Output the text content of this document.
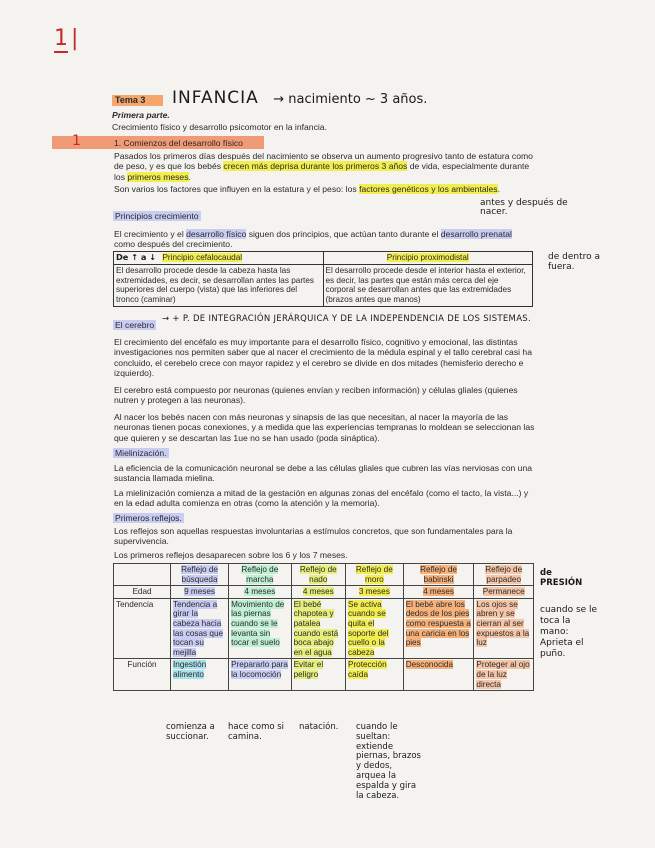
1 |
Tema 3	INFANCIA → nacimiento ~ 3 años.
Primera parte.
Crecimiento físico y desarrollo psicomotor en la infancia.
1	1. Comienzos del desarrollo físico
Pasados los primeros días después del nacimiento se observa un aumento progresivo tanto de estatura como de peso, y es que los bebés crecen más deprisa durante los primeros 3 años de vida, especialmente durante los primeros meses.
Son varios los factores que influyen en la estatura y el peso: los factores genéticos y los ambientales.
Principios crecimiento
antes y después de nacer.
El crecimiento y el desarrollo físico siguen dos principios, que actúan tanto durante el desarrollo prenatal como después del crecimiento.
De ↑ a ↓ Principio cefalocaudal	Principio proximodistal
El desarrollo procede desde la cabeza hasta las extremidades, es decir, se desarrollan antes las partes superiores del cuerpo (vista) que las inferiores del tronco (caminar)	El desarrollo procede desde el interior hasta el exterior, es decir, las partes que están más cerca del eje corporal se desarrollan antes que las extremidades (brazos antes que manos)
de dentro a fuera.
El cerebro
→ + P. DE INTEGRACIÓN JERÁRQUICA Y DE LA INDEPENDENCIA DE LOS SISTEMAS.
El crecimiento del encéfalo es muy importante para el desarrollo físico, cognitivo y emocional, las distintas investigaciones nos permiten saber que al nacer el crecimiento de la médula espinal y el tallo cerebral casi ha concluido, el cerebelo crece con mayor rapidez y el cerebro se divide en dos mitades (hemisferio derecho e izquierdo).
El cerebro está compuesto por neuronas (quienes envían y reciben información) y células gliales (quienes nutren y protegen a las neuronas).
Al nacer los bebés nacen con más neuronas y sinapsis de las que necesitan, al nacer la mayoría de las neuronas tienen pocas conexiones, y a medida que las experiencias tempranas lo moldean se seleccionan las que quieren y se descartan las 1ue no se han usado (poda sináptica).
Mielinización.
La eficiencia de la comunicación neuronal se debe a las células gliales que cubren las vías nerviosas con una sustancia llamada mielina.
La mielinización comienza a mitad de la gestación en algunas zonas del encéfalo (como el tacto, la vista...) y en la edad adulta comienza en otras (como la atención y la memoria).
Primeros reflejos.
Los reflejos son aquellas respuestas involuntarias a estímulos concretos, que son fundamentales para la supervivencia.
Los primeros reflejos desaparecen sobre los 6 y los 7 meses.
	Reflejo de búsqueda	Reflejo de marcha	Reflejo de nado	Reflejo de moro	Reflejo de babinski	Reflejo de parpadeo
Edad	9 meses	4 meses	4 meses	3 meses	4 meses	Permanece
Tendencia	Tendencia a girar la cabeza hacia las cosas que tocan su mejilla	Movimiento de las piernas cuando se le levanta sin tocar el suelo	El bebé chapotea y patalea cuando está boca abajo en el agua	Se activa cuando se quita el soporte del cuello o la cabeza	El bebé abre los dedos de los pies como respuesta a una caricia en los pies	Los ojos se abren y se cierran al ser expuestos a la luz
Función	Ingestión alimento	Prepararlo para la locomoción	Evitar el peligro	Protección caída	Desconocida	Proteger al ojo de la luz directa
de PRESIÓN
cuando se le toca la mano: Aprieta el puño.
comienza a succionar.
hace como si camina.
natación.	cuando le sueltan: extiende piernas, brazos y dedos, arquea la espalda y gira la cabeza.
